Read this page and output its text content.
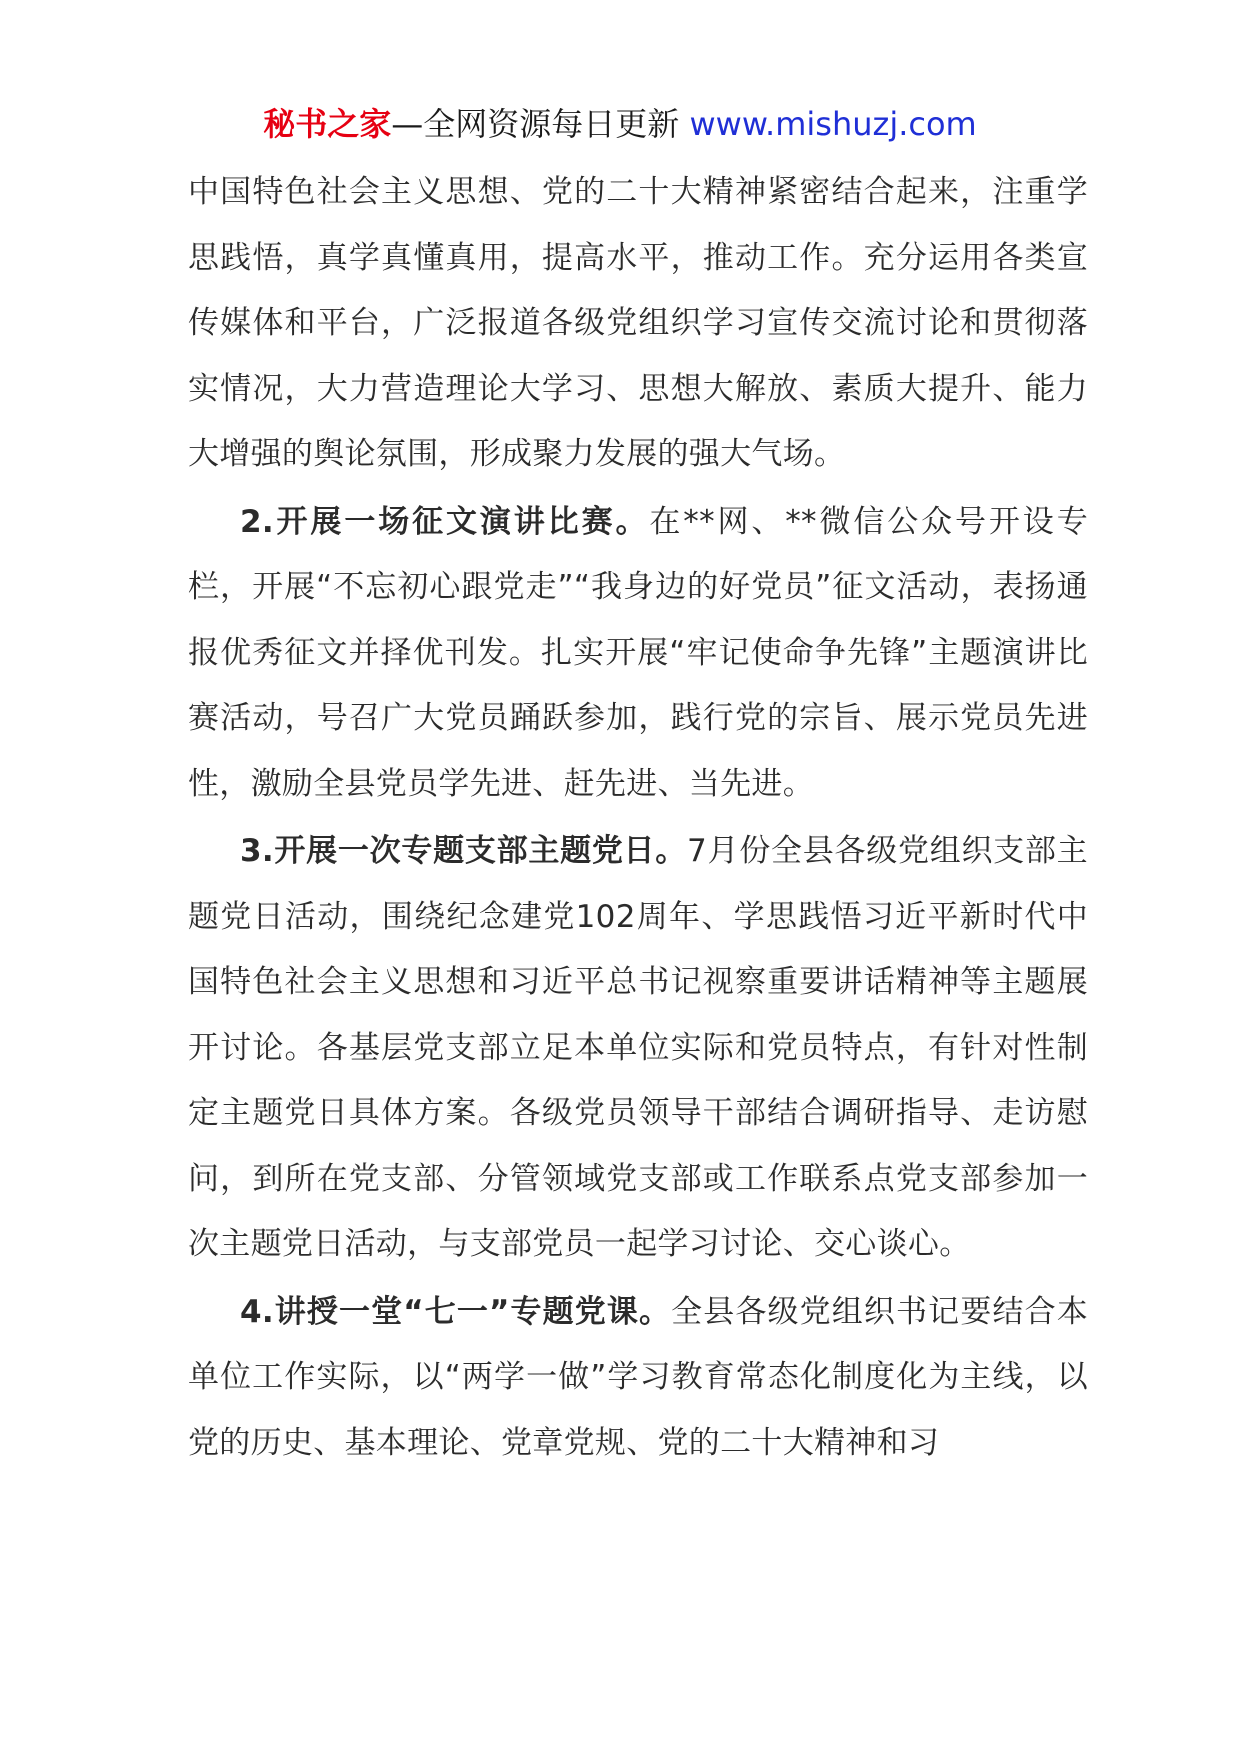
秘书之家—全网资源每日更新 www.mishuzj.com

中国特色社会主义思想、党的二十大精神紧密结合起来，注重学思践悟，真学真懂真用，提高水平，推动工作。充分运用各类宣传媒体和平台，广泛报道各级党组织学习宣传交流讨论和贯彻落实情况，大力营造理论大学习、思想大解放、素质大提升、能力大增强的舆论氛围，形成聚力发展的强大气场。

2.开展一场征文演讲比赛。在**网、**微信公众号开设专栏，开展“不忘初心跟党走”“我身边的好党员”征文活动，表扬通报优秀征文并择优刊发。扎实开展“牢记使命争先锋”主题演讲比赛活动，号召广大党员踊跃参加，践行党的宗旨、展示党员先进性，激励全县党员学先进、赶先进、当先进。

3.开展一次专题支部主题党日。7月份全县各级党组织支部主题党日活动，围绕纪念建党102周年、学思践悟习近平新时代中国特色社会主义思想和习近平总书记视察重要讲话精神等主题展开讨论。各基层党支部立足本单位实际和党员特点，有针对性制定主题党日具体方案。各级党员领导干部结合调研指导、走访慰问，到所在党支部、分管领域党支部或工作联系点党支部参加一次主题党日活动，与支部党员一起学习讨论、交心谈心。

4.讲授一堂“七一”专题党课。全县各级党组织书记要结合本单位工作实际，以“两学一做”学习教育常态化制度化为主线，以党的历史、基本理论、党章党规、党的二十大精神和习
